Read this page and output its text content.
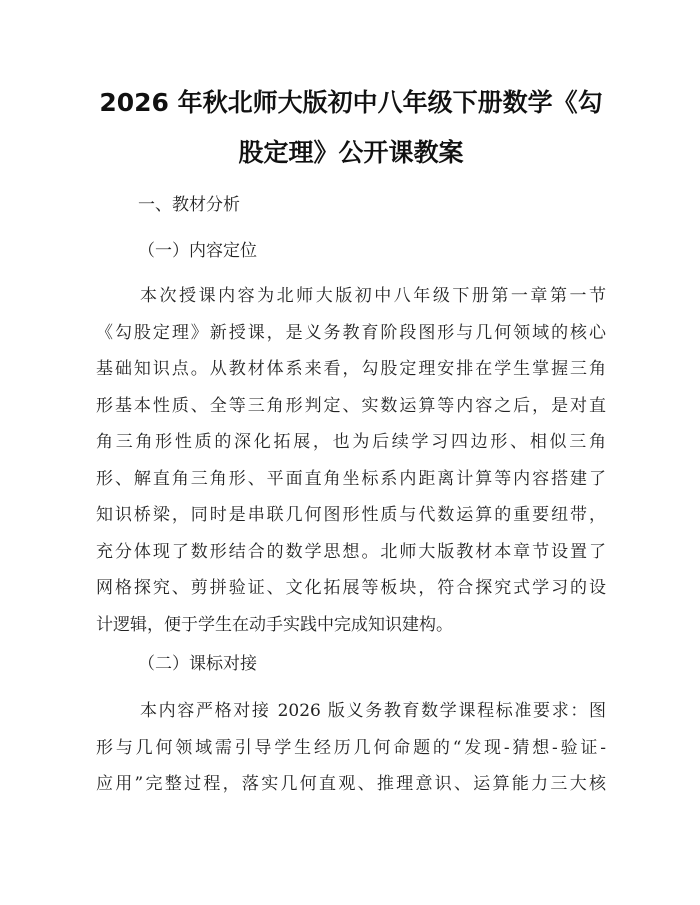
2026 年秋北师大版初中八年级下册数学《勾
股定理》公开课教案
一、教材分析
（一）内容定位
本次授课内容为北师大版初中八年级下册第一章第一节
《勾股定理》新授课，是义务教育阶段图形与几何领域的核心
基础知识点。从教材体系来看，勾股定理安排在学生掌握三角
形基本性质、全等三角形判定、实数运算等内容之后，是对直
角三角形性质的深化拓展，也为后续学习四边形、相似三角
形、解直角三角形、平面直角坐标系内距离计算等内容搭建了
知识桥梁，同时是串联几何图形性质与代数运算的重要纽带，
充分体现了数形结合的数学思想。北师大版教材本章节设置了
网格探究、剪拼验证、文化拓展等板块，符合探究式学习的设
计逻辑，便于学生在动手实践中完成知识建构。
（二）课标对接
本内容严格对接 2026 版义务教育数学课程标准要求：图
形与几何领域需引导学生经历几何命题的“发现-猜想-验证-
应用”完整过程，落实几何直观、推理意识、运算能力三大核
